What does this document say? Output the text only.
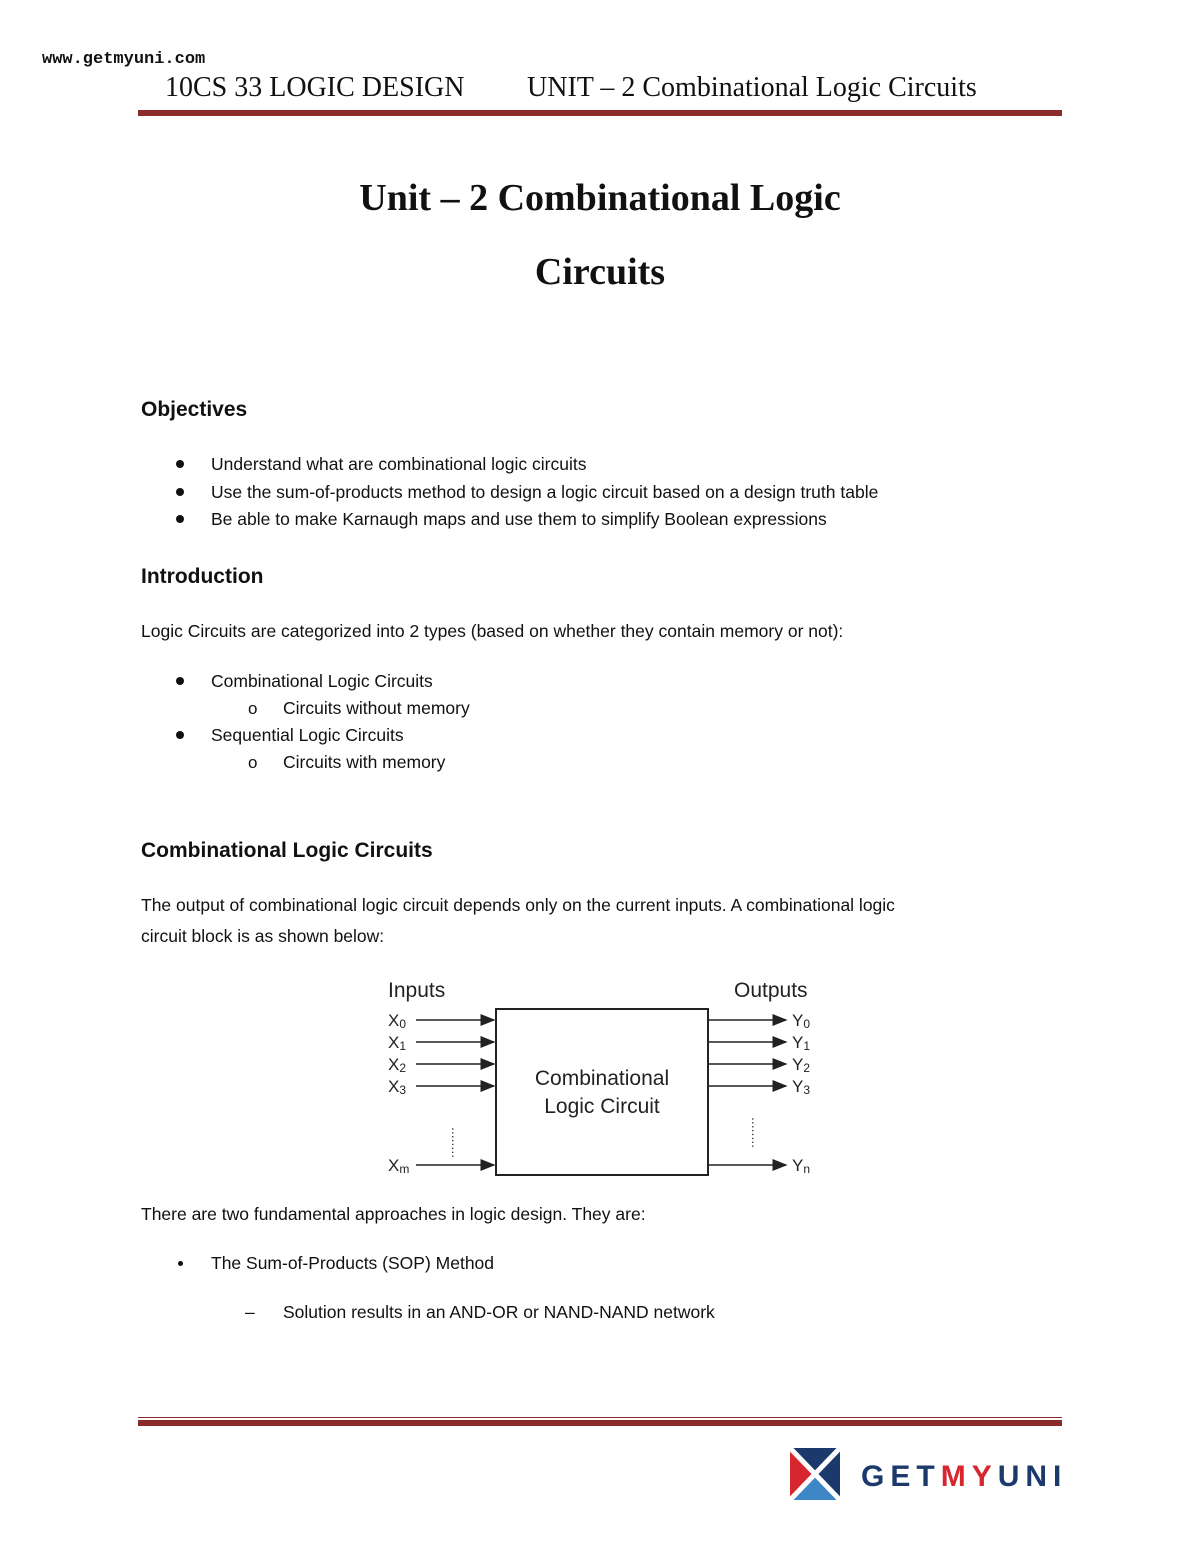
www.getmyuni.com
10CS 33 LOGIC DESIGN UNIT – 2 Combinational Logic Circuits
Unit – 2 Combinational Logic
Circuits
Objectives
Understand what are combinational logic circuits
Use the sum-of-products method to design a logic circuit based on a design truth table
Be able to make Karnaugh maps and use them to simplify Boolean expressions
Introduction
Logic Circuits are categorized into 2 types (based on whether they contain memory or not):
Combinational Logic Circuits
o Circuits without memory
Sequential Logic Circuits
o Circuits with memory
Combinational Logic Circuits
The output of combinational logic circuit depends only on the current inputs. A combinational logic
circuit block is as shown below:
Inputs	Outputs
Combinational
Logic Circuit
X0
X1
X2
X3
Xm
Y0
Y1
Y2
Y3
Yn
........	........
There are two fundamental approaches in logic design. They are:
The Sum-of-Products (SOP) Method
– Solution results in an AND-OR or NAND-NAND network
GETMYUNI
